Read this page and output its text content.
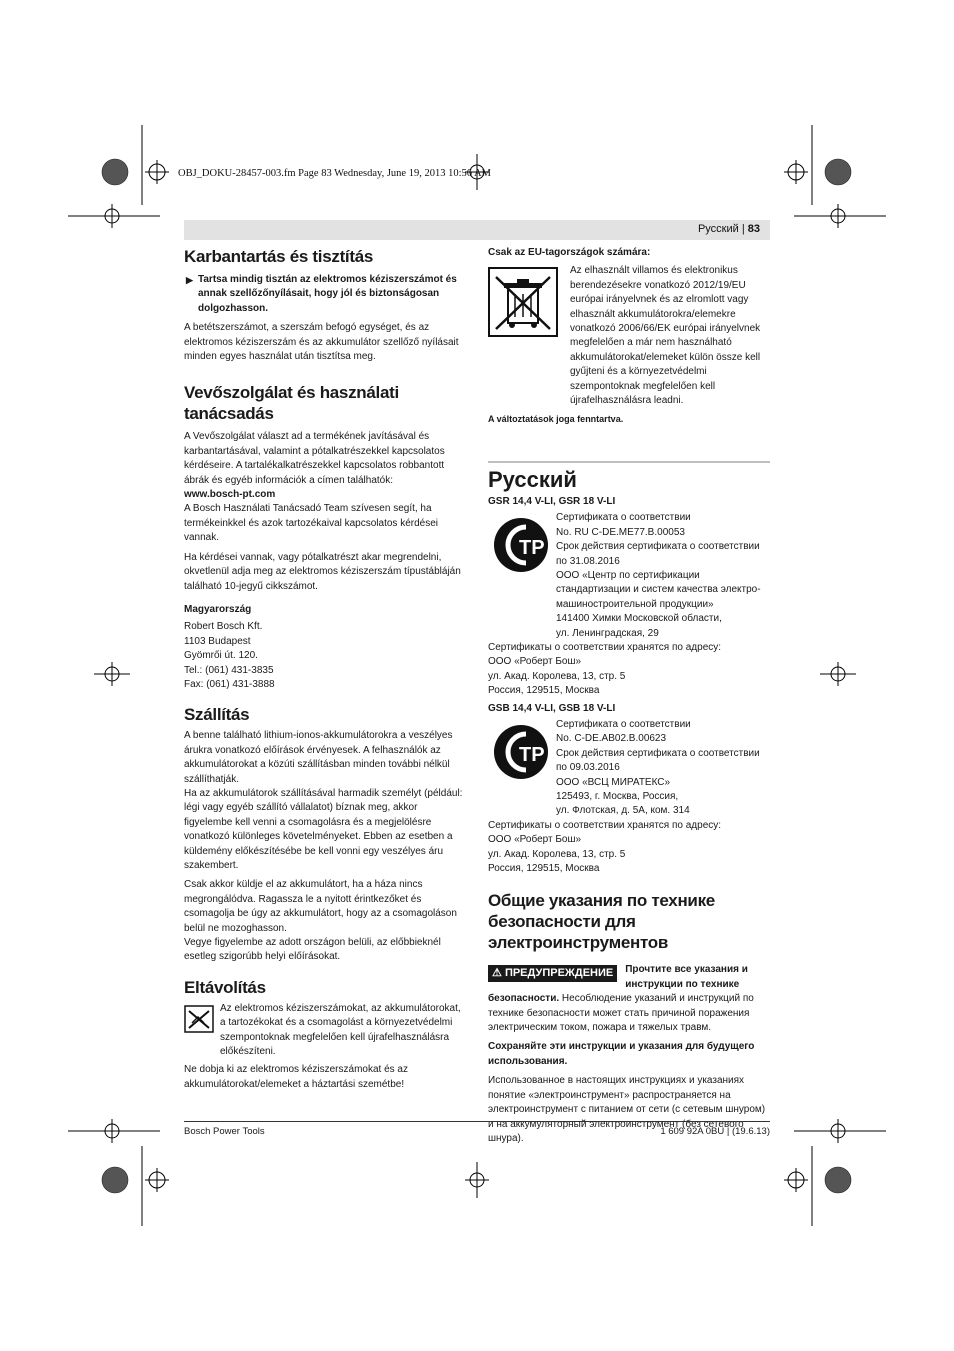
OBJ_DOKU-28457-003.fm Page 83 Wednesday, June 19, 2013 10:56 AM
Русский | 83
Karbantartás és tisztítás
▶ Tartsa mindig tisztán az elektromos kéziszerszámot és annak szellőzőnyílásait, hogy jól és biztonságosan dolgozhasson.

A betétszerszámot, a szerszám befogó egységet, és az elektromos kéziszerszám és az akkumulátor szellőző nyílásait minden egyes használat után tisztítsa meg.

Vevőszolgálat és használati tanácsadás

A Vevőszolgálat választ ad a termékének javításával és karbantartásával, valamint a pótalkatrészekkel kapcsolatos kérdéseire. A tartalékalkatrészekkel kapcsolatos robbantott ábrák és egyéb információk a címen találhatók:

www.bosch-pt.com

A Bosch Használati Tanácsadó Team szívesen segít, ha termékeinkkel és azok tartozékaival kapcsolatos kérdései vannak.

Ha kérdései vannak, vagy pótalkatrészt akar megrendelni, okvetlenül adja meg az elektromos kéziszerszám típustábláján található 10-jegyű cikkszámot.

Magyarország

Robert Bosch Kft.

1103 Budapest

Gyömrői út. 120.

Tel.: (061) 431-3835

Fax: (061) 431-3888

Szállítás

A benne található lithium-ionos-akkumulátorokra a veszélyes árukra vonatkozó előírások érvényesek. A felhasználók az akkumulátorokat a közúti szállításban minden további nélkül szállíthatják.

Ha az akkumulátorok szállításával harmadik személyt (például: légi vagy egyéb szállító vállalatot) bíznak meg, akkor figyelembe kell venni a csomagolásra és a megjelölésre vonatkozó különleges követelményeket. Ebben az esetben a küldemény előkészítésébe be kell vonni egy veszélyes áru szakembert.

Csak akkor küldje el az akkumulátort, ha a háza nincs megrongálódva. Ragassza le a nyitott érintkezőket és csomagolja be úgy az akkumulátort, hogy az a csomagoláson belül ne mozoghasson.

Vegye figyelembe az adott országon belüli, az előbbieknél esetleg szigorúbb helyi előírásokat.

Eltávolítás

Az elektromos kéziszerszámokat, az akkumulátorokat, a tartozékokat és a csomagolást a környezetvédelmi szempontoknak megfelelően kell újrafelhasználásra előkészíteni.

Ne dobja ki az elektromos kéziszerszámokat és az akkumulátorokat/elemeket a háztartási szemétbe!

Csak az EU-tagországok számára:

Az elhasznált villamos és elektronikus berendezésekre vonatkozó 2012/19/EU európai irányelvnek és az elromlott vagy elhasznált akkumulátorokra/elemekre vonatkozó 2006/66/EK európai irányelvnek megfelelően a már nem használható akkumulátorokat/elemeket külön össze kell gyűjteni és a környezetvédelmi szempontoknak megfelelően kell újrafelhasználásra leadni.

A változtatások joga fenntartva.

Русский

GSR 14,4 V-LI, GSR 18 V-LI

TP

Сертификата о соответствии

No. RU C-DE.ME77.B.00053

Срок действия сертификата о соответствии по 31.08.2016

ООО «Центр по сертификации стандартизации и систем качества электро-машиностроительной продукции»

141400 Химки Московской области,

ул. Ленинградская, 29

Сертификаты о соответствии хранятся по адресу:

ООО «Роберт Бош»

ул. Акад. Королева, 13, стр. 5

Россия, 129515, Москва

GSB 14,4 V-LI, GSB 18 V-LI

TP

Сертификата о соответствии

No. C-DE.AB02.B.00623

Срок действия сертификата о соответствии по 09.03.2016

ООО «ВСЦ МИРАТЕКС»

125493, г. Москва, Россия,

ул. Флотская, д. 5А, ком. 314

Сертификаты о соответствии хранятся по адресу:

ООО «Роберт Бош»

ул. Акад. Королева, 13, стр. 5

Россия, 129515, Москва

Общие указания по технике безопасности для электроинструментов
⚠ ПРЕДУПРЕЖДЕНИЕ	Прочтите все указания и инструкции по технике безопасности. Несоблюдение указаний и инструкций по технике безопасности может стать причиной поражения электрическим током, пожара и тяжелых травм.

Сохраняйте эти инструкции и указания для будущего использования.

Использованное в настоящих инструкциях и указаниях понятие «электроинструмент» распространяется на электроинструмент с питанием от сети (с сетевым шнуром) и на аккумуляторный электроинструмент (без сетевого шнура).

Bosch Power Tools	1 609 92A 0BU | (19.6.13)
